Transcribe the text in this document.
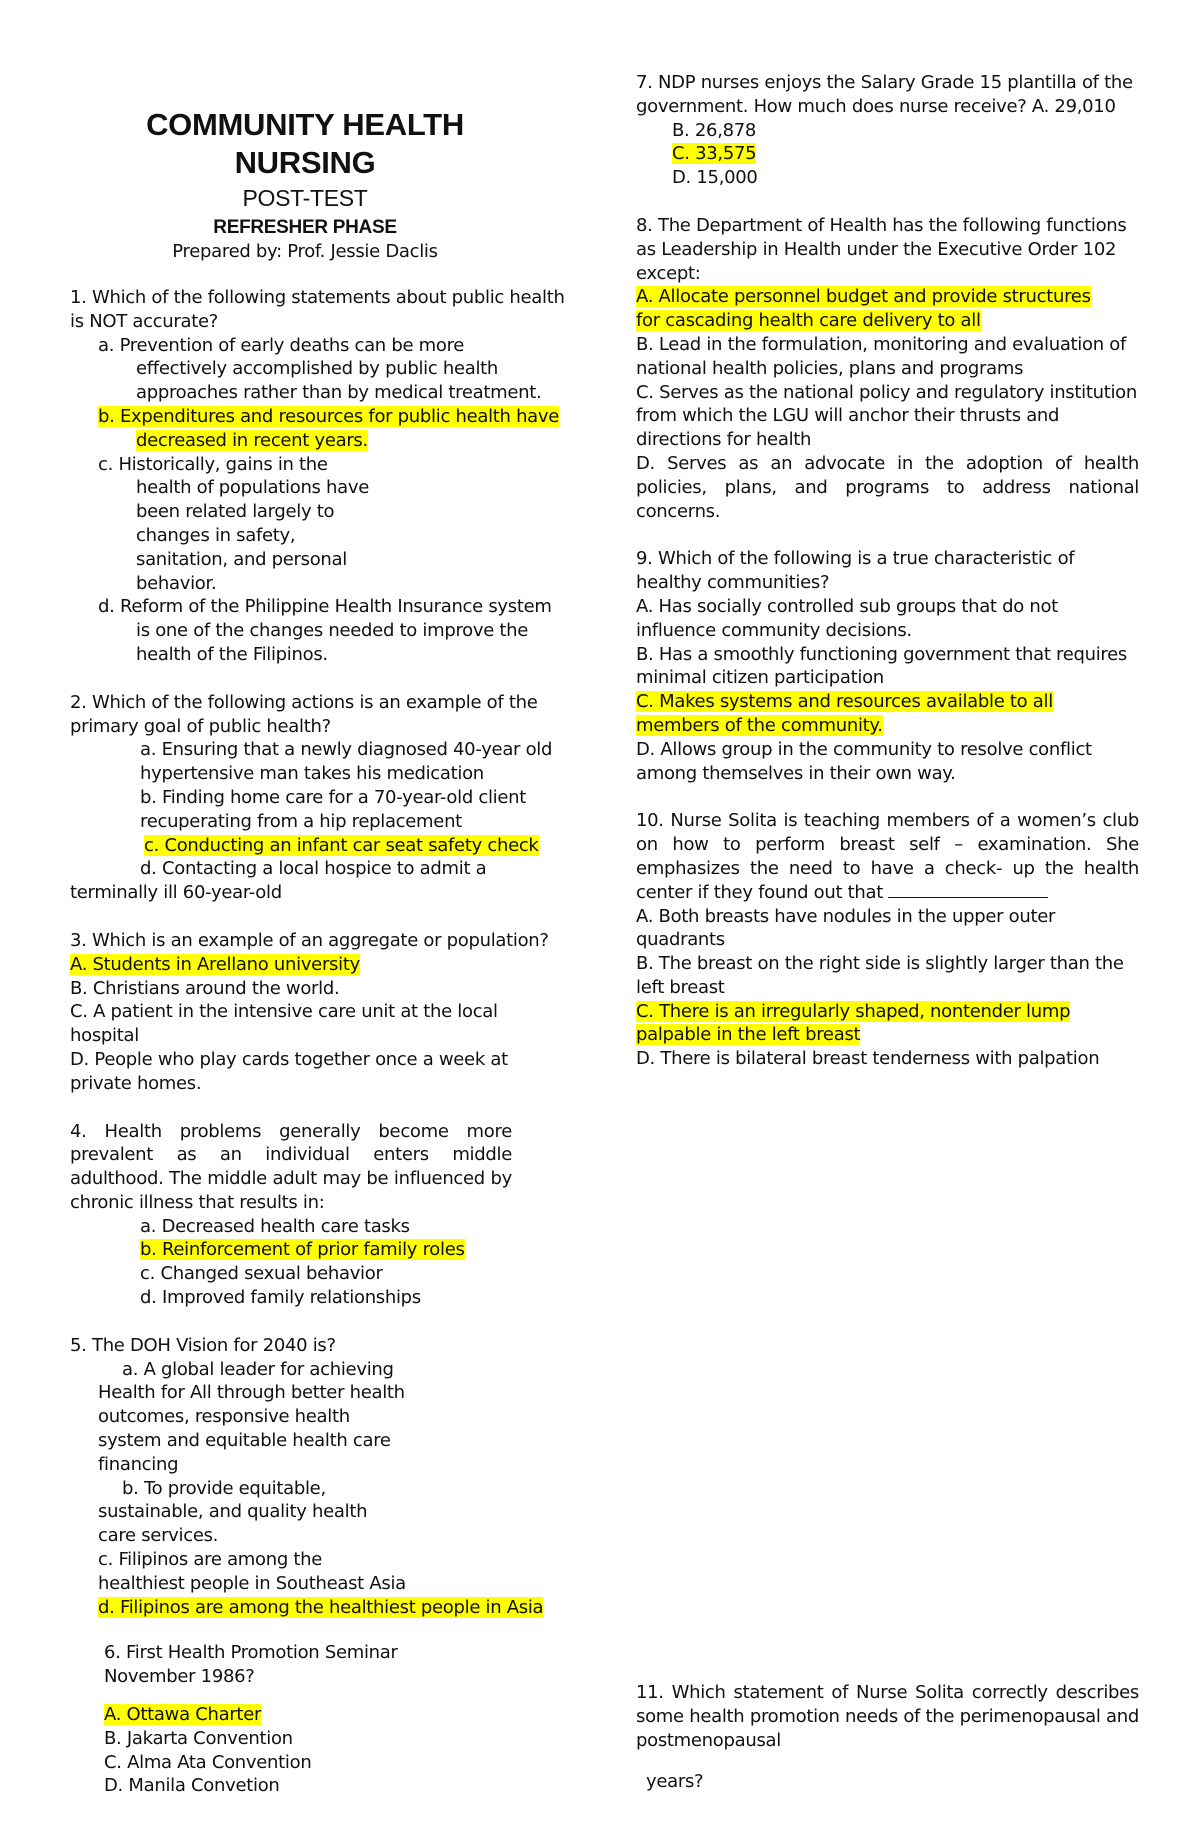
COMMUNITY HEALTH
NURSING
POST-TEST
REFRESHER PHASE
Prepared by: Prof. Jessie Daclis

1. Which of the following statements about public health is NOT accurate?

a. Prevention of early deaths can be more effectively accomplished by public health approaches rather than by medical treatment.

b. Expenditures and resources for public health have decreased in recent years.

c. Historically, gains in the health of populations have been related largely to changes in safety, sanitation, and personal behavior.

d. Reform of the Philippine Health Insurance system is one of the changes needed to improve the health of the Filipinos.

2. Which of the following actions is an example of the primary goal of public health?

a. Ensuring that a newly diagnosed 40-year old hypertensive man takes his medication

b. Finding home care for a 70-year-old client recuperating from a hip replacement

c. Conducting an infant car seat safety check

d. Contacting a local hospice to admit a terminally ill 60-year-old

3. Which is an example of an aggregate or population?

A. Students in Arellano university

B. Christians around the world.

C. A patient in the intensive care unit at the local hospital

D. People who play cards together once a week at private homes.

4. Health problems generally become more prevalent as an individual enters middle adulthood. The middle adult may be influenced by chronic illness that results in:

a. Decreased health care tasks

b. Reinforcement of prior family roles

c. Changed sexual behavior

d. Improved family relationships

5. The DOH Vision for 2040 is?

a. A global leader for achieving Health for All through better health outcomes, responsive health system and equitable health care financing

b. To provide equitable, sustainable, and quality health care services.

c. Filipinos are among the healthiest people in Southeast Asia

d. Filipinos are among the healthiest people in Asia

6. First Health Promotion Seminar November 1986?

A. Ottawa Charter

B. Jakarta Convention

C. Alma Ata Convention

D. Manila Convetion

7. NDP nurses enjoys the Salary Grade 15 plantilla of the government. How much does nurse receive? A. 29,010

B. 26,878

C. 33,575

D. 15,000

8. The Department of Health has the following functions as Leadership in Health under the Executive Order 102 except:

A. Allocate personnel budget and provide structures for cascading health care delivery to all

B. Lead in the formulation, monitoring and evaluation of national health policies, plans and programs

C. Serves as the national policy and regulatory institution from which the LGU will anchor their thrusts and directions for health

D. Serves as an advocate in the adoption of health policies, plans, and programs to address national concerns.

9. Which of the following is a true characteristic of healthy communities?

A. Has socially controlled sub groups that do not influence community decisions.

B. Has a smoothly functioning government that requires minimal citizen participation

C. Makes systems and resources available to all members of the community.

D. Allows group in the community to resolve conflict among themselves in their own way.

10. Nurse Solita is teaching members of a women’s club on how to perform breast self – examination. She emphasizes the need to have a check- up the health center if they found out that

A. Both breasts have nodules in the upper outer quadrants

B. The breast on the right side is slightly larger than the left breast

C. There is an irregularly shaped, nontender lump palpable in the left breast

D. There is bilateral breast tenderness with palpation

11. Which statement of Nurse Solita correctly describes some health promotion needs of the perimenopausal and postmenopausal

years?
